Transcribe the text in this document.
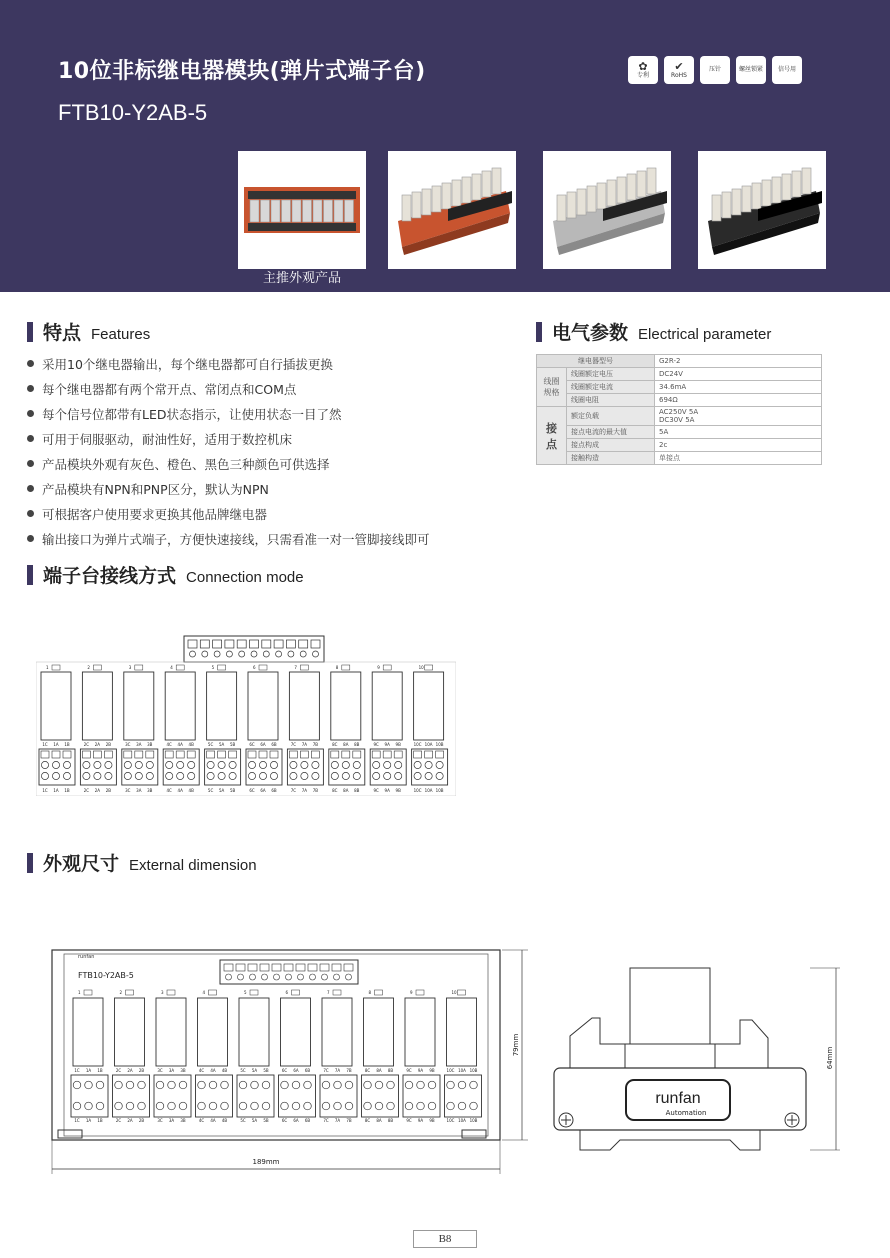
10位非标继电器模块(弹片式端子台)
FTB10-Y2AB-5
✿
专利
✔
RoHS
压针	螺丝锁紧 信号用
主推外观产品
特点 Features
采用10个继电器输出，每个继电器都可自行插拔更换
每个继电器都有两个常开点、常闭点和COM点
每个信号位都带有LED状态指示，让使用状态一目了然
可用于伺服驱动，耐油性好，适用于数控机床
产品模块外观有灰色、橙色、黑色三种颜色可供选择
产品模块有NPN和PNP区分，默认为NPN
可根据客户使用要求更换其他品牌继电器
输出接口为弹片式端子，方便快速接线，只需看准一对一管脚接线即可
电气参数 Electrical parameter
继电器型号		G2R-2
线圈规格	线圈额定电压	DC24V
	线圈额定电流	34.6mA
	线圈电阻	694Ω
接点	额定负载	AC250V 5A
DC30V 5A

	接点电流的最大值	5A
	接点构成	2c
	接触构造	单接点
端子台接线方式 Connection mode
1
1C
1C
1A
1A
1B
1B
2
2C
2C
2A
2A
2B
2B
3
3C
3C
3A
3A
3B
3B
4
4C
4C
4A
4A
4B
4B
5
5C
5C
5A
5A
5B
5B
6
6C
6C
6A
6A
6B
6B
7
7C
7C
7A
7A
7B
7B
8
8C
8C
8A
8A
8B
8B
9
9C
9C
9A
9A
9B
9B
10
10C
10C
10A
10A
10B
10B
外观尺寸 External dimension
runfan
FTB10-Y2AB-5
1	2	3	4	5	6	7	8	9	10
1C
1C
1A
1A
1B
1B
2C
2C
2A
2A
2B
2B
3C
3C
3A
3A
3B
3B
4C
4C
4A
4A
4B
4B
5C
5C
5A
5A
5B
5B
6C
6C
6A
6A
6B
6B
7C
7C
7A
7A
7B
7B
8C
8C
8A
8A
8B
8B
9C
9C
9A
9A
9B
9B
10C
10C
10A
10A
10B
10B
189mm
79mm
runfan
Automation
64mm
B8
